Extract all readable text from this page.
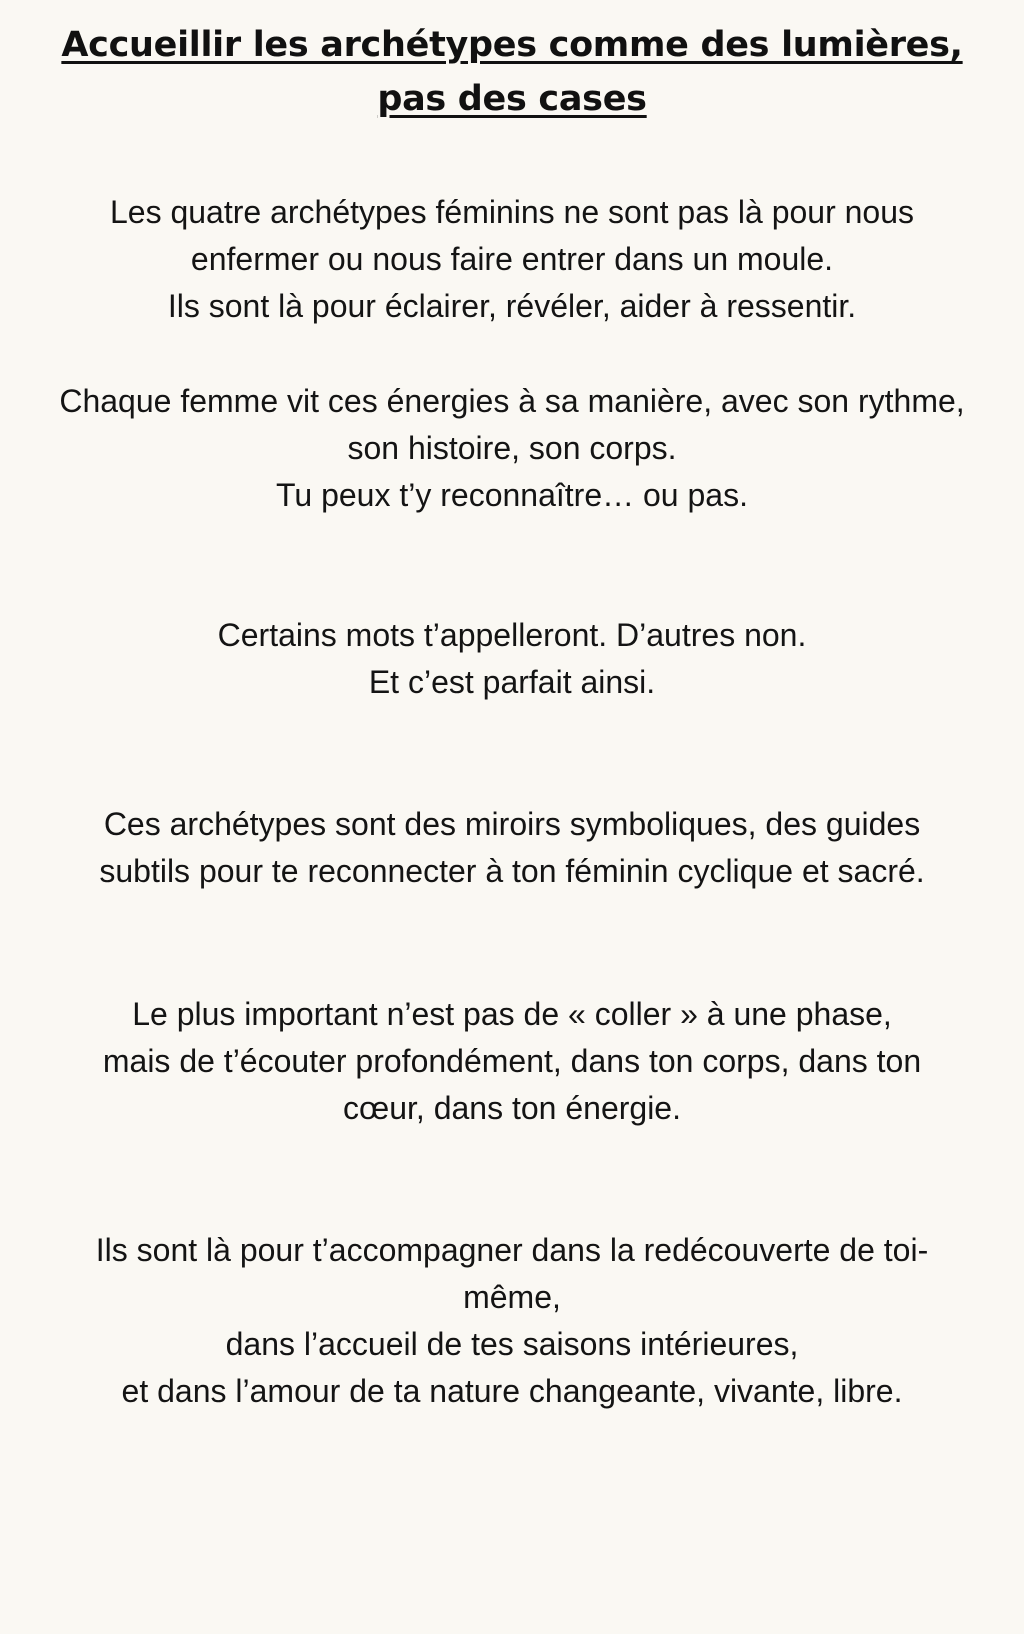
Accueillir les archétypes comme des lumières,
pas des cases

Les quatre archétypes féminins ne sont pas là pour nous
enfermer ou nous faire entrer dans un moule.
Ils sont là pour éclairer, révéler, aider à ressentir.

Chaque femme vit ces énergies à sa manière, avec son rythme,
son histoire, son corps.
Tu peux t’y reconnaître… ou pas.

Certains mots t’appelleront. D’autres non.
Et c’est parfait ainsi.

Ces archétypes sont des miroirs symboliques, des guides
subtils pour te reconnecter à ton féminin cyclique et sacré.

Le plus important n’est pas de « coller » à une phase,
mais de t’écouter profondément, dans ton corps, dans ton
cœur, dans ton énergie.

Ils sont là pour t’accompagner dans la redécouverte de toi-
même,
dans l’accueil de tes saisons intérieures,
et dans l’amour de ta nature changeante, vivante, libre.
